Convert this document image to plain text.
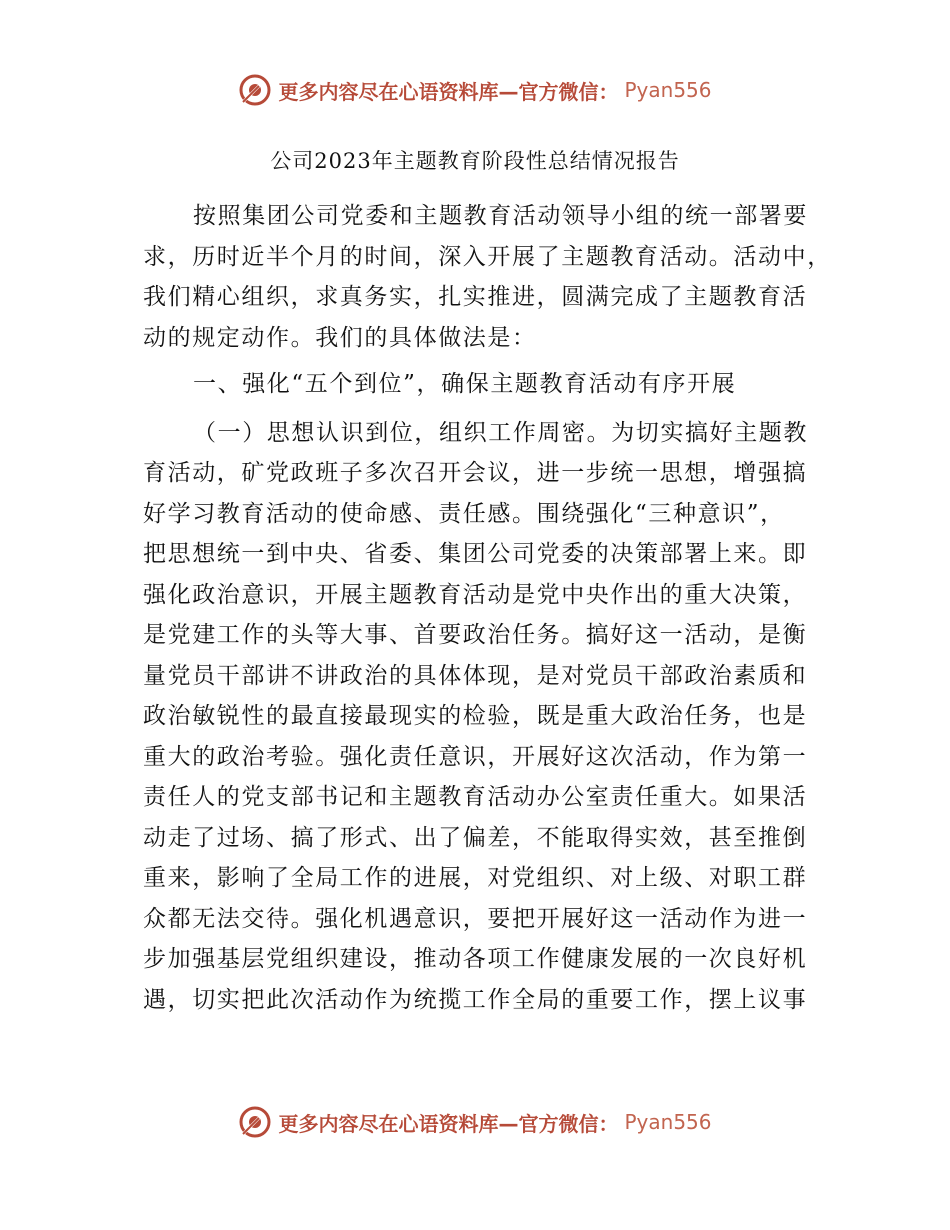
更多内容尽在心语资料库—官方微信： Pyan556
公司2023年主题教育阶段性总结情况报告
按照集团公司党委和主题教育活动领导小组的统一部署要
求，历时近半个月的时间，深入开展了主题教育活动。活动中，
我们精心组织，求真务实，扎实推进，圆满完成了主题教育活
动的规定动作。我们的具体做法是：
一、强化“五个到位”，确保主题教育活动有序开展
（一）思想认识到位，组织工作周密。为切实搞好主题教
育活动，矿党政班子多次召开会议，进一步统一思想，增强搞
好学习教育活动的使命感、责任感。围绕强化“三种意识”，
把思想统一到中央、省委、集团公司党委的决策部署上来。即
强化政治意识，开展主题教育活动是党中央作出的重大决策，
是党建工作的头等大事、首要政治任务。搞好这一活动，是衡
量党员干部讲不讲政治的具体体现，是对党员干部政治素质和
政治敏锐性的最直接最现实的检验，既是重大政治任务，也是
重大的政治考验。强化责任意识，开展好这次活动，作为第一
责任人的党支部书记和主题教育活动办公室责任重大。如果活
动走了过场、搞了形式、出了偏差，不能取得实效，甚至推倒
重来，影响了全局工作的进展，对党组织、对上级、对职工群
众都无法交待。强化机遇意识，要把开展好这一活动作为进一
步加强基层党组织建设，推动各项工作健康发展的一次良好机
遇，切实把此次活动作为统揽工作全局的重要工作，摆上议事
更多内容尽在心语资料库—官方微信： Pyan556
